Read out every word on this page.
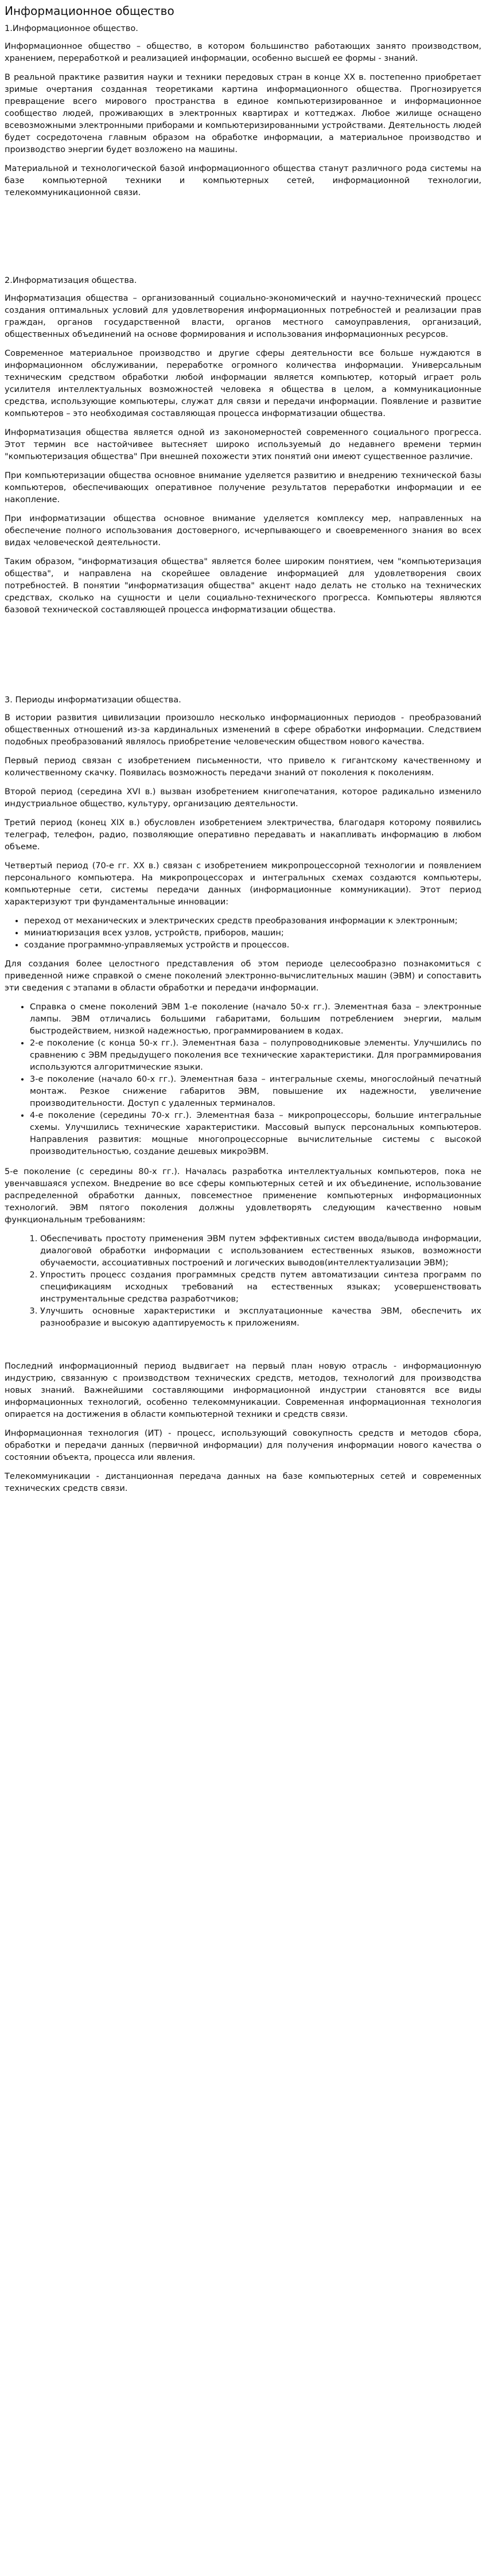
Информационное общество
1.Информационное общество.

Информационное общество – общество, в котором большинство работающих занято производством, хранением, переработкой и реализацией информации, особенно высшей ее формы - знаний.

В реальной практике развития науки и техники передовых стран в конце XX в. постепенно приобретает зримые очертания созданная теоретиками картина информационного общества. Прогнозируется превращение всего мирового пространства в единое компьютеризированное и информационное сообщество людей, проживающих в электронных квартирах и коттеджах. Любое жилище оснащено всевозможными электронными приборами и компьютеризированными устройствами. Деятельность людей будет сосредоточена главным образом на обработке информации, а материальное производство и производство энергии будет возложено на машины.

Материальной и технологической базой информационного общества станут различного рода системы на базе компьютерной техники и компьютерных сетей, информационной технологии, телекоммуникационной связи.

2.Информатизация общества.

Информатизация общества – организованный социально-экономический и научно-технический процесс создания оптимальных условий для удовлетворения информационных потребностей и реализации прав граждан, органов государственной власти, органов местного самоуправления, организаций, общественных объединений на основе формирования и использования информационных ресурсов.

Современное материальное производство и другие сферы деятельности все больше нуждаются в информационном обслуживании, переработке огромного количества информации. Универсальным техническим средством обработки любой информации является компьютер, который играет роль усилителя интеллектуальных возможностей человека я общества в целом, а коммуникационные средства, использующие компьютеры, служат для связи и передачи информации. Появление и развитие компьютеров – это необходимая составляющая процесса информатизации общества.

Информатизация общества является одной из закономерностей современного социального прогресса. Этот термин все настойчивее вытесняет широко используемый до недавнего времени термин "компьютеризация общества" При внешней похожести этих понятий они имеют существенное различие.

При компьютеризации общества основное внимание уделяется развитию и внедрению технической базы компьютеров, обеспечивающих оперативное получение результатов переработки информации и ее накопление.

При информатизации общества основное внимание уделяется комплексу мер, направленных на обеспечение полного использования достоверного, исчерпывающего и своевременного знания во всех видах человеческой деятельности.

Таким образом, "информатизация общества" является более широким понятием, чем "компьютеризация общества", и направлена на скорейшее овладение информацией для удовлетворения своих потребностей. В понятии "информатизация общества" акцент надо делать не столько на технических средствах, сколько на сущности и цели социально-технического прогресса. Компьютеры являются базовой технической составляющей процесса информатизации общества.

3. Периоды информатизации общества.

В истории развития цивилизации произошло несколько информационных периодов - преобразований общественных отношений из-за кардинальных изменений в сфере обработки информации. Следствием подобных преобразований являлось приобретение человеческим обществом нового качества.

Первый период связан с изобретением письменности, что привело к гигантскому качественному и количественному скачку. Появилась возможность передачи знаний от поколения к поколениям.

Второй период (середина XVI в.) вызван изобретением книгопечатания, которое радикально изменило индустриальное общество, культуру, организацию деятельности.

Третий период (конец XIX в.) обусловлен изобретением электричества, благодаря которому появились телеграф, телефон, радио, позволяющие оперативно передавать и накапливать информацию в любом объеме.

Четвертый период (70-е гг. XX в.) связан с изобретением микропроцессорной технологии и появлением персонального компьютера. На микропроцессорах и интегральных схемах создаются компьютеры, компьютерные сети, системы передачи данных (информационные коммуникации). Этот период характеризуют три фундаментальные инновации:

• переход от механических и электрических средств преобразования информации к электронным;
• миниатюризация всех узлов, устройств, приборов, машин;
• создание программно-управляемых устройств и процессов.

Для создания более целостного представления об этом периоде целесообразно познакомиться с приведенной ниже справкой о смене поколений электронно-вычислительных машин (ЭВМ) и сопоставить эти сведения с этапами в области обработки и передачи информации.

• Справка о смене поколений ЭВМ 1-е поколение (начало 50-х гг.). Элементная база – электронные лампы. ЭВМ отличались большими габаритами, большим потреблением энергии, малым быстродействием, низкой надежностью, программированием в кодах.
• 2-е поколение (с конца 50-х гг.). Элементная база – полупроводниковые элементы. Улучшились по сравнению с ЭВМ предыдущего поколения все технические характеристики. Для программирования используются алгоритмические языки.
• 3-е поколение (начало 60-х гг.). Элементная база – интегральные схемы, многослойный печатный монтаж. Резкое снижение габаритов ЭВМ, повышение их надежности, увеличение производительности. Доступ с удаленных терминалов.
• 4-е поколение (середины 70-х гг.). Элементная база – микропроцессоры, большие интегральные схемы. Улучшились технические характеристики. Массовый выпуск персональных компьютеров. Направления развития: мощные многопроцессорные вычислительные системы с высокой производительностью, создание дешевых микроЭВМ.

5-е поколение (с середины 80-х гг.). Началась разработка интеллектуальных компьютеров, пока не увенчавшаяся успехом. Внедрение во все сферы компьютерных сетей и их объединение, использование распределенной обработки данных, повсеместное применение компьютерных информационных технологий. ЭВМ пятого поколения должны удовлетворять следующим качественно новым функциональным требованиям:

1. Обеспечивать простоту применения ЭВМ путем эффективных систем ввода/вывода информации, диалоговой обработки информации с использованием естественных языков, возможности обучаемости, ассоциативных построений и логических выводов(интеллектуализации ЭВМ);
2. Упростить процесс создания программных средств путем автоматизации синтеза программ по спецификациям исходных требований на естественных языках; усовершенствовать инструментальные средства разработчиков;
3. Улучшить основные характеристики и эксплуатационные качества ЭВМ, обеспечить их разнообразие и высокую адаптируемость к приложениям.

Последний информационный период выдвигает на первый план новую отрасль - информационную индустрию, связанную с производством технических средств, методов, технологий для производства новых знаний. Важнейшими составляющими информационной индустрии становятся все виды информационных технологий, особенно телекоммуникации. Современная информационная технология опирается на достижения в области компьютерной техники и средств связи.

Информационная технология (ИТ) - процесс, использующий совокупность средств и методов сбора, обработки и передачи данных (первичной информации) для получения информации нового качества о состоянии объекта, процесса или явления.

Телекоммуникации - дистанционная передача данных на базе компьютерных сетей и современных технических средств связи.
